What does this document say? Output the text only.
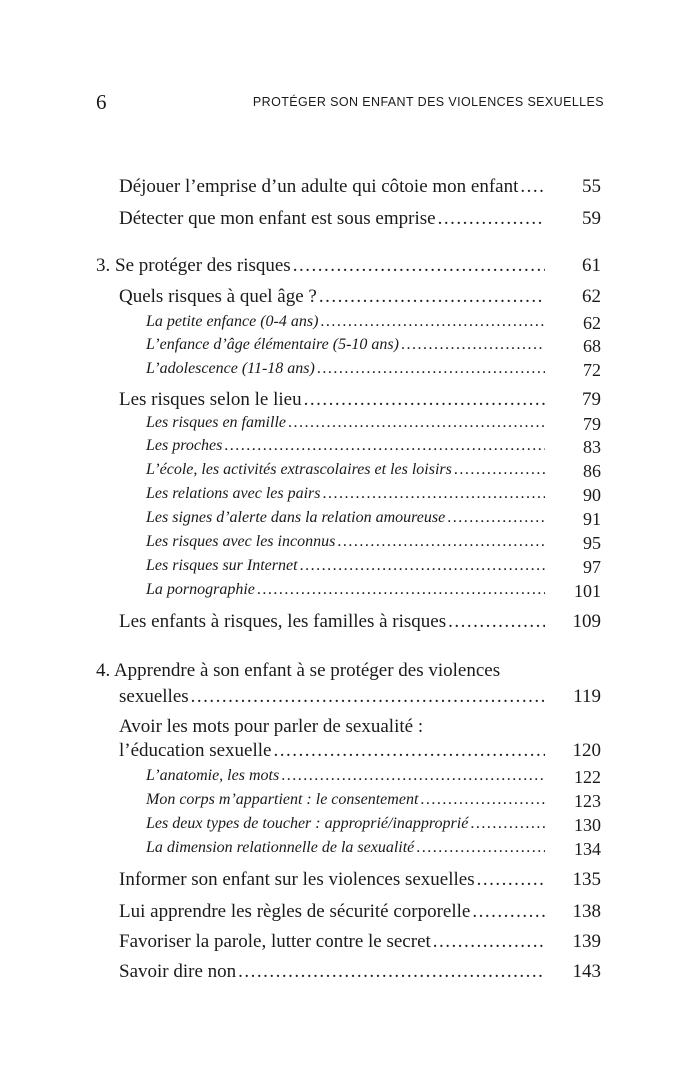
6	PROTÉGER SON ENFANT DES VIOLENCES SEXUELLES
Déjouer l’emprise d’un adulte qui côtoie mon enfant .....	55
Détecter que mon enfant est sous emprise .....	59
3. Se protéger des risques .....	61
Quels risques à quel âge ? .....	62
La petite enfance (0-4 ans) .....	62
L’enfance d’âge élémentaire (5-10 ans) .....	68
L’adolescence (11-18 ans) .....	72
Les risques selon le lieu .....	79
Les risques en famille .....	79
Les proches .....	83
L’école, les activités extrascolaires et les loisirs .....	86
Les relations avec les pairs .....	90
Les signes d’alerte dans la relation amoureuse .....	91
Les risques avec les inconnus .....	95
Les risques sur Internet .....	97
La pornographie .....	101
Les enfants à risques, les familles à risques .....	109
4. Apprendre à son enfant à se protéger des violences
sexuelles .....	119
Avoir les mots pour parler de sexualité :
l’éducation sexuelle .....	120
L’anatomie, les mots .....	122
Mon corps m’appartient : le consentement .....	123
Les deux types de toucher : approprié/inapproprié .....	130
La dimension relationnelle de la sexualité .....	134
Informer son enfant sur les violences sexuelles .....	135
Lui apprendre les règles de sécurité corporelle .....	138
Favoriser la parole, lutter contre le secret .....	139
Savoir dire non .....	143
